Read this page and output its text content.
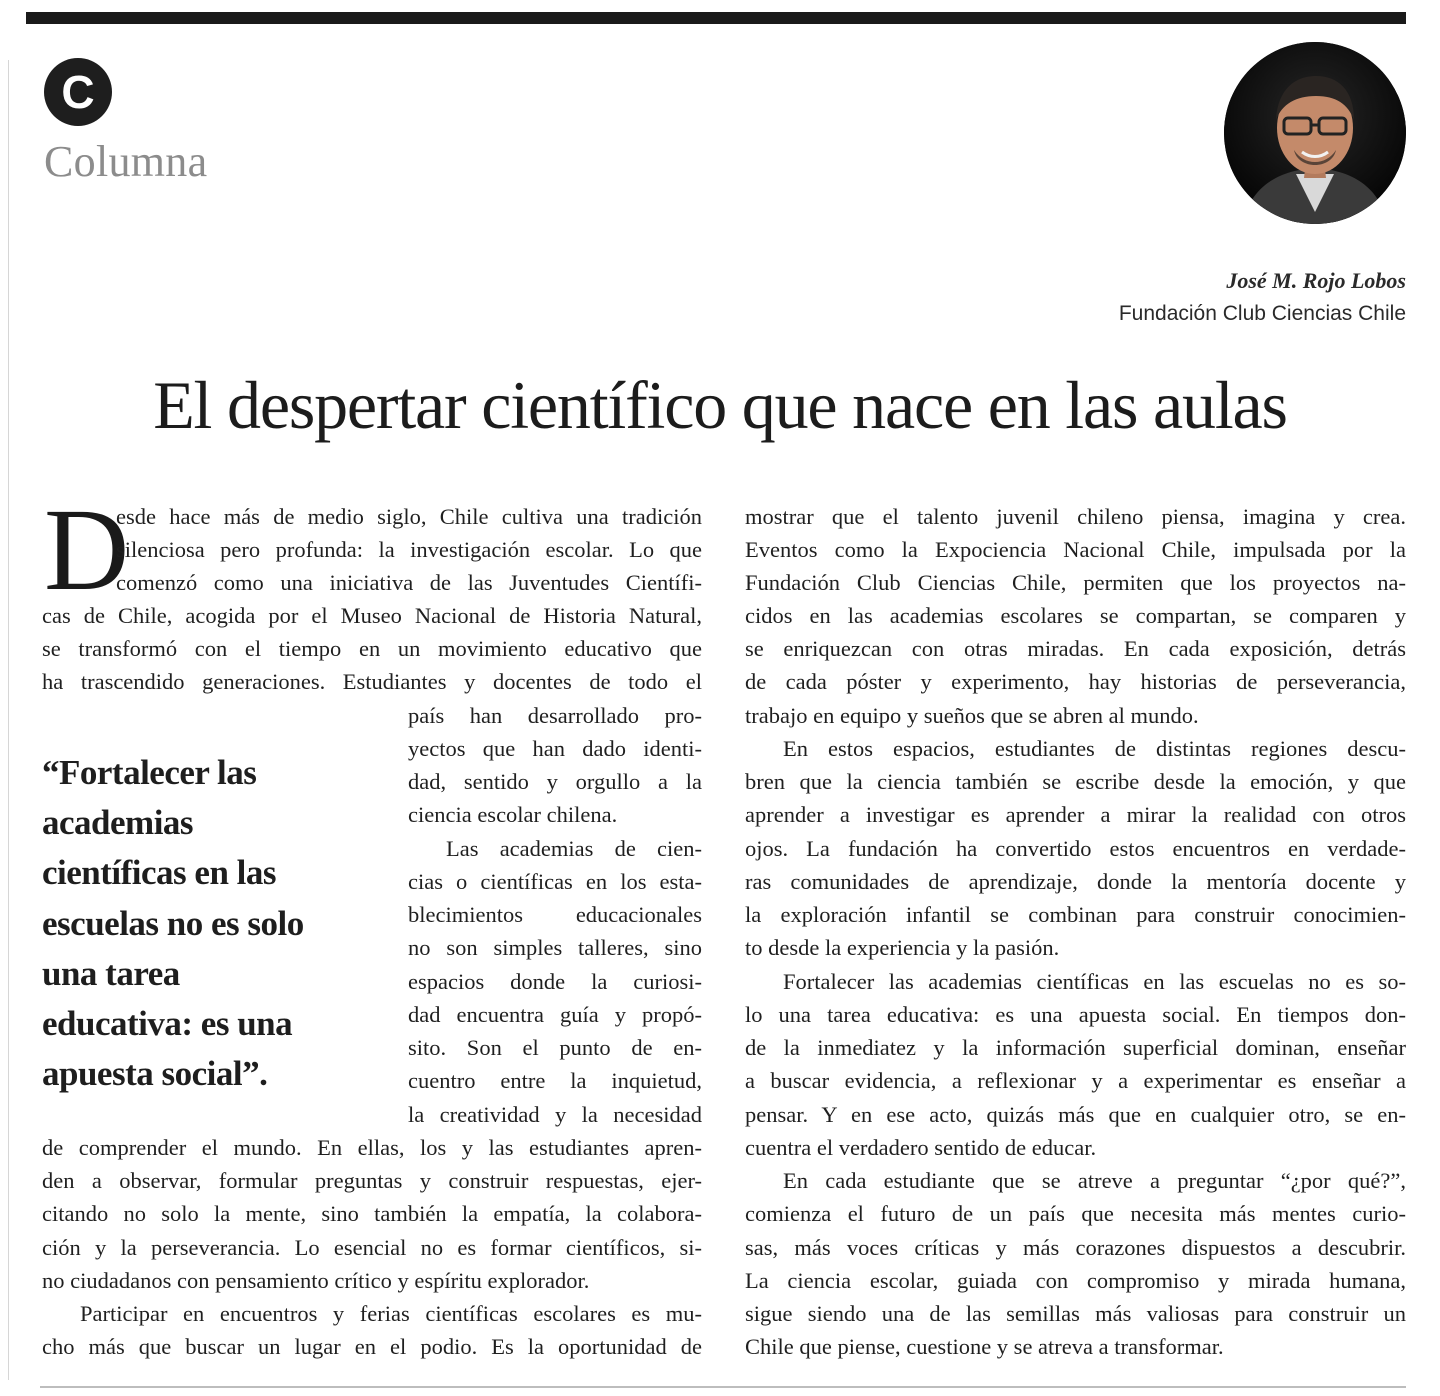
C
Columna
José M. Rojo Lobos
Fundación Club Ciencias Chile
El despertar científico que nace en las aulas
D
esde hace más de medio siglo, Chile cultiva una tradición
silenciosa pero profunda: la investigación escolar. Lo que
comenzó como una iniciativa de las Juventudes Científi-
cas de Chile, acogida por el Museo Nacional de Historia Natural,
se transformó con el tiempo en un movimiento educativo que
ha trascendido generaciones. Estudiantes y docentes de todo el
país han desarrollado pro-
yectos que han dado identi-
dad, sentido y orgullo a la
ciencia escolar chilena.
Las academias de cien-
cias o científicas en los esta-
blecimientos educacionales
no son simples talleres, sino
espacios donde la curiosi-
dad encuentra guía y propó-
sito. Son el punto de en-
cuentro entre la inquietud,
la creatividad y la necesidad
de comprender el mundo. En ellas, los y las estudiantes apren-
den a observar, formular preguntas y construir respuestas, ejer-
citando no solo la mente, sino también la empatía, la colabora-
ción y la perseverancia. Lo esencial no es formar científicos, si-
no ciudadanos con pensamiento crítico y espíritu explorador.
Participar en encuentros y ferias científicas escolares es mu-
cho más que buscar un lugar en el podio. Es la oportunidad de
“Fortalecer las
academias
científicas en las
escuelas no es solo
una tarea
educativa: es una
apuesta social”.
mostrar que el talento juvenil chileno piensa, imagina y crea.
Eventos como la Expociencia Nacional Chile, impulsada por la
Fundación Club Ciencias Chile, permiten que los proyectos na-
cidos en las academias escolares se compartan, se comparen y
se enriquezcan con otras miradas. En cada exposición, detrás
de cada póster y experimento, hay historias de perseverancia,
trabajo en equipo y sueños que se abren al mundo.
En estos espacios, estudiantes de distintas regiones descu-
bren que la ciencia también se escribe desde la emoción, y que
aprender a investigar es aprender a mirar la realidad con otros
ojos. La fundación ha convertido estos encuentros en verdade-
ras comunidades de aprendizaje, donde la mentoría docente y
la exploración infantil se combinan para construir conocimien-
to desde la experiencia y la pasión.
Fortalecer las academias científicas en las escuelas no es so-
lo una tarea educativa: es una apuesta social. En tiempos don-
de la inmediatez y la información superficial dominan, enseñar
a buscar evidencia, a reflexionar y a experimentar es enseñar a
pensar. Y en ese acto, quizás más que en cualquier otro, se en-
cuentra el verdadero sentido de educar.
En cada estudiante que se atreve a preguntar “¿por qué?”,
comienza el futuro de un país que necesita más mentes curio-
sas, más voces críticas y más corazones dispuestos a descubrir.
La ciencia escolar, guiada con compromiso y mirada humana,
sigue siendo una de las semillas más valiosas para construir un
Chile que piense, cuestione y se atreva a transformar.
